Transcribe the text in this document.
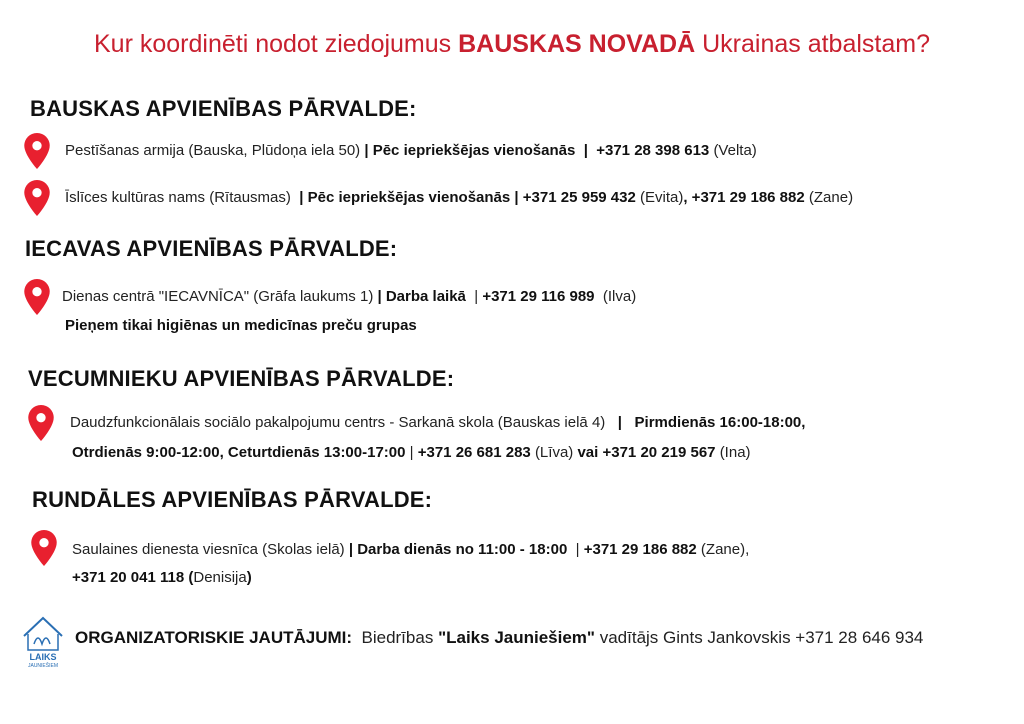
Kur koordinēti nodot ziedojumus BAUSKAS NOVADĀ Ukrainas atbalstam?
BAUSKAS APVIENĪBAS PĀRVALDE:
Pestīšanas armija (Bauska, Plūdoņa iela 50) | Pēc iepriekšējas vienošanās | +371 28 398 613 (Velta)
Īslīces kultūras nams (Rītausmas) | Pēc iepriekšējas vienošanās | +371 25 959 432 (Evita), +371 29 186 882 (Zane)
IECAVAS APVIENĪBAS PĀRVALDE:
Dienas centrā "IECAVNĪCA" (Grāfa laukums 1) | Darba laikā | +371 29 116 989 (Ilva)
Pieņem tikai higiēnas un medicīnas preču grupas
VECUMNIEKU APVIENĪBAS PĀRVALDE:
Daudzfunkcionālais sociālo pakalpojumu centrs - Sarkanā skola (Bauskas ielā 4) | Pirmdienās 16:00-18:00,
Otrdienās 9:00-12:00, Ceturtdienās 13:00-17:00 | +371 26 681 283 (Līva) vai +371 20 219 567 (Ina)
RUNDĀLES APVIENĪBAS PĀRVALDE:
Saulaines dienesta viesnīca (Skolas ielā) | Darba dienās no 11:00 - 18:00 | +371 29 186 882 (Zane),
+371 20 041 118 (Denisija)
LAIKS
JAUNIEŠIEM
ORGANIZATORISKIE JAUTĀJUMI: Biedrības "Laiks Jauniešiem" vadītājs Gints Jankovskis +371 28 646 934
